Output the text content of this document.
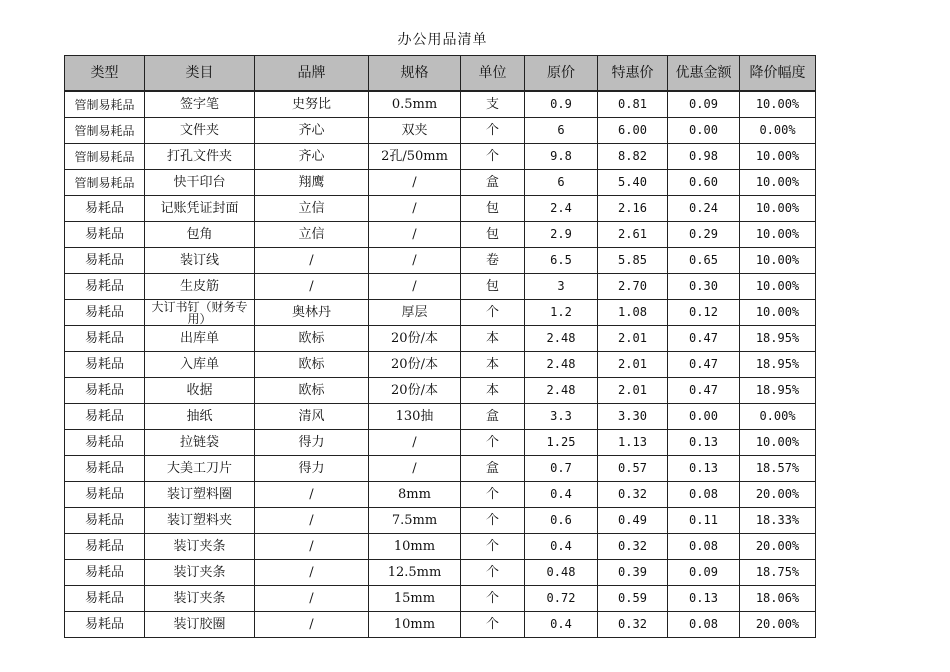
办公用品清单
类型	类目	品牌	规格	单位	原价	特惠价	优惠金额	降价幅度
管制易耗品	签字笔	史努比	0.5mm	支	0.9	0.81	0.09	10.00%
管制易耗品	文件夹	齐心	双夹	个	6	6.00	0.00	0.00%
管制易耗品	打孔文件夹	齐心	2孔/50mm	个	9.8	8.82	0.98	10.00%
管制易耗品	快干印台	翔鹰	/	盒	6	5.40	0.60	10.00%
易耗品	记账凭证封面	立信	/	包	2.4	2.16	0.24	10.00%
易耗品	包角	立信	/	包	2.9	2.61	0.29	10.00%
易耗品	装订线	/	/	卷	6.5	5.85	0.65	10.00%
易耗品	生皮筋	/	/	包	3	2.70	0.30	10.00%
易耗品	大订书钉（财务专用）	奥林丹	厚层	个	1.2	1.08	0.12	10.00%
易耗品	出库单	欧标	20份/本	本	2.48	2.01	0.47	18.95%
易耗品	入库单	欧标	20份/本	本	2.48	2.01	0.47	18.95%
易耗品	收据	欧标	20份/本	本	2.48	2.01	0.47	18.95%
易耗品	抽纸	清风	130抽	盒	3.3	3.30	0.00	0.00%
易耗品	拉链袋	得力	/	个	1.25	1.13	0.13	10.00%
易耗品	大美工刀片	得力	/	盒	0.7	0.57	0.13	18.57%
易耗品	装订塑料圈	/	8mm	个	0.4	0.32	0.08	20.00%
易耗品	装订塑料夹	/	7.5mm	个	0.6	0.49	0.11	18.33%
易耗品	装订夹条	/	10mm	个	0.4	0.32	0.08	20.00%
易耗品	装订夹条	/	12.5mm	个	0.48	0.39	0.09	18.75%
易耗品	装订夹条	/	15mm	个	0.72	0.59	0.13	18.06%
易耗品	装订胶圈	/	10mm	个	0.4	0.32	0.08	20.00%
